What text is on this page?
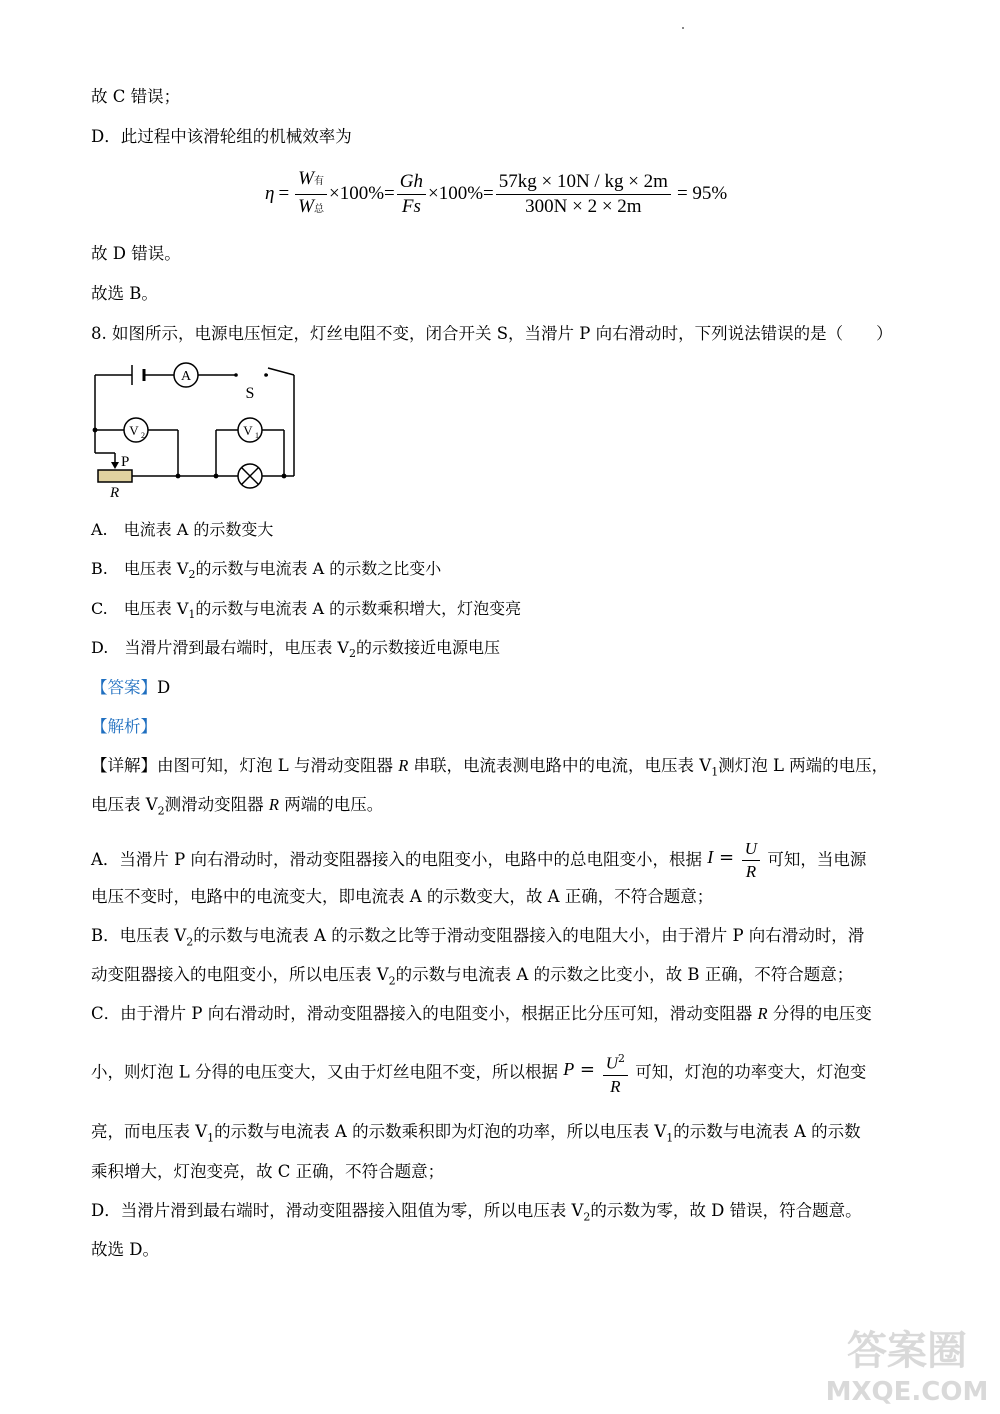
故 C 错误；
D．此过程中该滑轮组的机械效率为
$\eta = \frac{\text{W有}}{\text{W总}} \times 100\% = \frac{Gh}{Fs} \times 100\% = \frac{57kg \times 10N / kg \times 2m}{300N \times 2 \times 2m} = 95\%$
故 D 错误。
故选 B。
8. 如图所示，电源电压恒定，灯丝电阻不变，闭合开关 S，当滑片 P 向右滑动时，下列说法错误的是（　　）
A
S
V 2	V 1
P
R
A.　电流表 A 的示数变大
B.　电压表 $V_2$的示数与电流表 A 的示数之比变小
C.　电压表 $V_1$的示数与电流表 A 的示数乘积增大，灯泡变亮
D.　当滑片滑到最右端时，电压表 $V_2$的示数接近电源电压
【答案】D
【解析】
【详解】由图可知，灯泡 L 与滑动变阻器 R 串联，电流表测电路中的电流，电压表 $V_1$测灯泡 L 两端的电压，
电压表 $V_2$测滑动变阻器 R 两端的电压。
A．当滑片 P 向右滑动时，滑动变阻器接入的电阻变小，电路中的总电阻变小，根据 $I = \frac{U}{R}$ 可知，当电源
电压不变时，电路中的电流变大，即电流表 A 的示数变大，故 A 正确，不符合题意；
B．电压表 $V_2$的示数与电流表 A 的示数之比等于滑动变阻器接入的电阻大小，由于滑片 P 向右滑动时，滑
动变阻器接入的电阻变小，所以电压表 $V_2$的示数与电流表 A 的示数之比变小，故 B 正确，不符合题意；
C．由于滑片 P 向右滑动时，滑动变阻器接入的电阻变小，根据正比分压可知，滑动变阻器 R 分得的电压变
小，则灯泡 L 分得的电压变大，又由于灯丝电阻不变，所以根据 $P = \frac{U^2}{R}$ 可知，灯泡的功率变大，灯泡变
亮，而电压表 $V_1$的示数与电流表 A 的示数乘积即为灯泡的功率，所以电压表 $V_1$的示数与电流表 A 的示数
乘积增大，灯泡变亮，故 C 正确，不符合题意；
D．当滑片滑到最右端时，滑动变阻器接入阻值为零，所以电压表 $V_2$的示数为零，故 D 错误，符合题意。
故选 D。
答案圈
MXQE.COM
